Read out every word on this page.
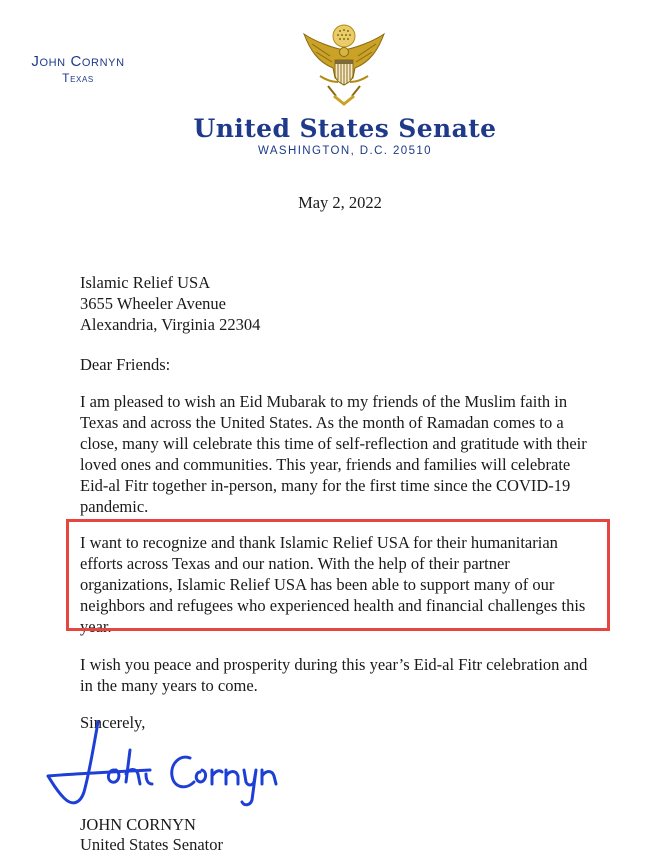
John Cornyn
Texas
United States Senate
WASHINGTON, D.C. 20510
May 2, 2022
Islamic Relief USA
3655 Wheeler Avenue
Alexandria, Virginia 22304
Dear Friends:

I am pleased to wish an Eid Mubarak to my friends of the Muslim faith in Texas and across the United States. As the month of Ramadan comes to a close, many will celebrate this time of self-reflection and gratitude with their loved ones and communities. This year, friends and families will celebrate Eid-al Fitr together in-person, many for the first time since the COVID-19 pandemic.

I want to recognize and thank Islamic Relief USA for their humanitarian efforts across Texas and our nation. With the help of their partner organizations, Islamic Relief USA has been able to support many of our neighbors and refugees who experienced health and financial challenges this year.

I wish you peace and prosperity during this year’s Eid-al Fitr celebration and in the many years to come.

Sincerely,
JOHN CORNYN
United States Senator
